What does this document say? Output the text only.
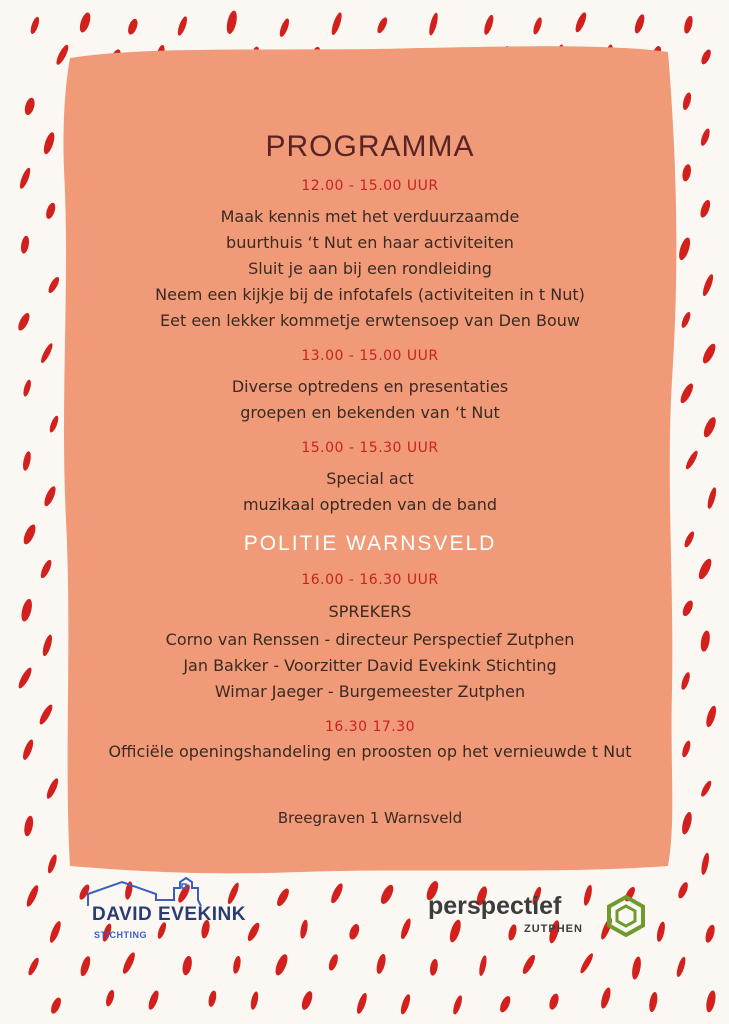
PROGRAMMA
12.00 - 15.00 UUR
Maak kennis met het verduurzaamde
buurthuis ‘t Nut en haar activiteiten
Sluit je aan bij een rondleiding
Neem een kijkje bij de infotafels (activiteiten in t Nut)
Eet een lekker kommetje erwtensoep van Den Bouw
13.00 - 15.00 UUR
Diverse optredens en presentaties
groepen en bekenden van ‘t Nut
15.00 - 15.30 UUR
Special act
muzikaal optreden van de band
POLITIE WARNSVELD
16.00 - 16.30 UUR
SPREKERS
Corno van Renssen - directeur Perspectief Zutphen
Jan Bakker - Voorzitter David Evekink Stichting
Wimar Jaeger - Burgemeester Zutphen
16.30 17.30
Officiële openingshandeling en proosten op het vernieuwde t Nut
Breegraven 1 Warnsveld
DAVID EVEKINK
STICHTING
perspectief
ZUTPHEN
